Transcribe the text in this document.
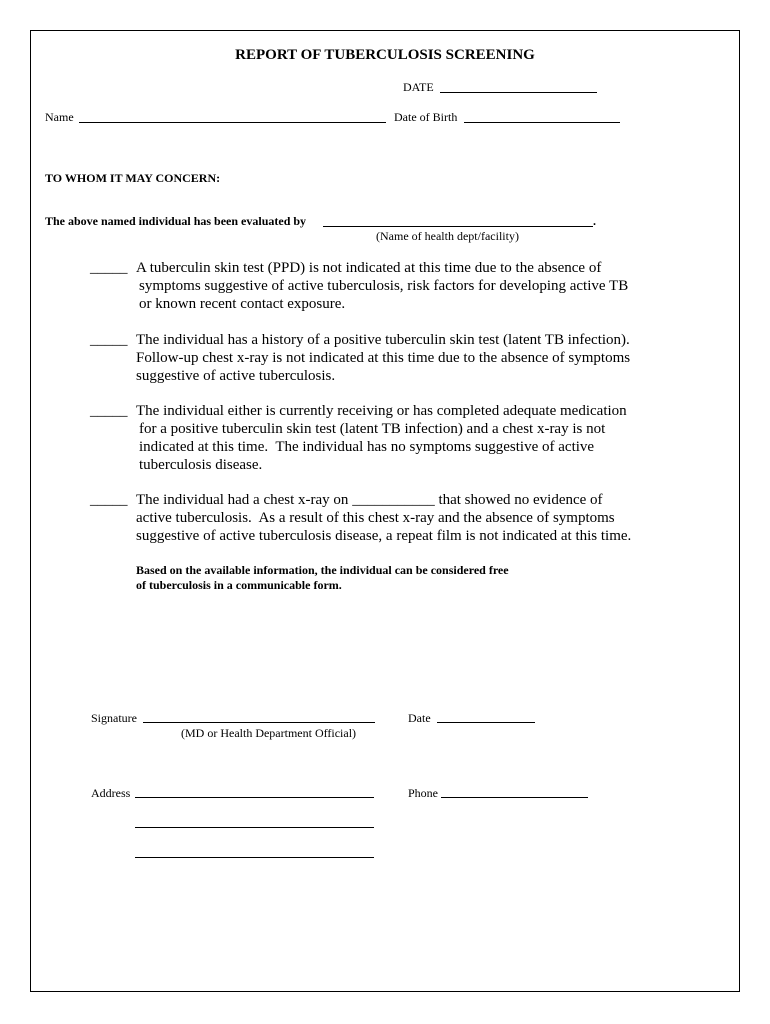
REPORT OF TUBERCULOSIS SCREENING
DATE
Name	Date of Birth
TO WHOM IT MAY CONCERN:
The above named individual has been evaluated by	.
(Name of health dept/facility)
_____ A tuberculin skin test (PPD) is not indicated at this time due to the absence of
symptoms suggestive of active tuberculosis, risk factors for developing active TB
or known recent contact exposure.
_____ The individual has a history of a positive tuberculin skin test (latent TB infection).
Follow-up chest x-ray is not indicated at this time due to the absence of symptoms
suggestive of active tuberculosis.
_____ The individual either is currently receiving or has completed adequate medication
for a positive tuberculin skin test (latent TB infection) and a chest x-ray is not
indicated at this time.  The individual has no symptoms suggestive of active
tuberculosis disease.
_____ The individual had a chest x-ray on ___________ that showed no evidence of
active tuberculosis.  As a result of this chest x-ray and the absence of symptoms
suggestive of active tuberculosis disease, a repeat film is not indicated at this time.
Based on the available information, the individual can be considered free
of tuberculosis in a communicable form.
Signature
(MD or Health Department Official)
Date
Address	Phone
